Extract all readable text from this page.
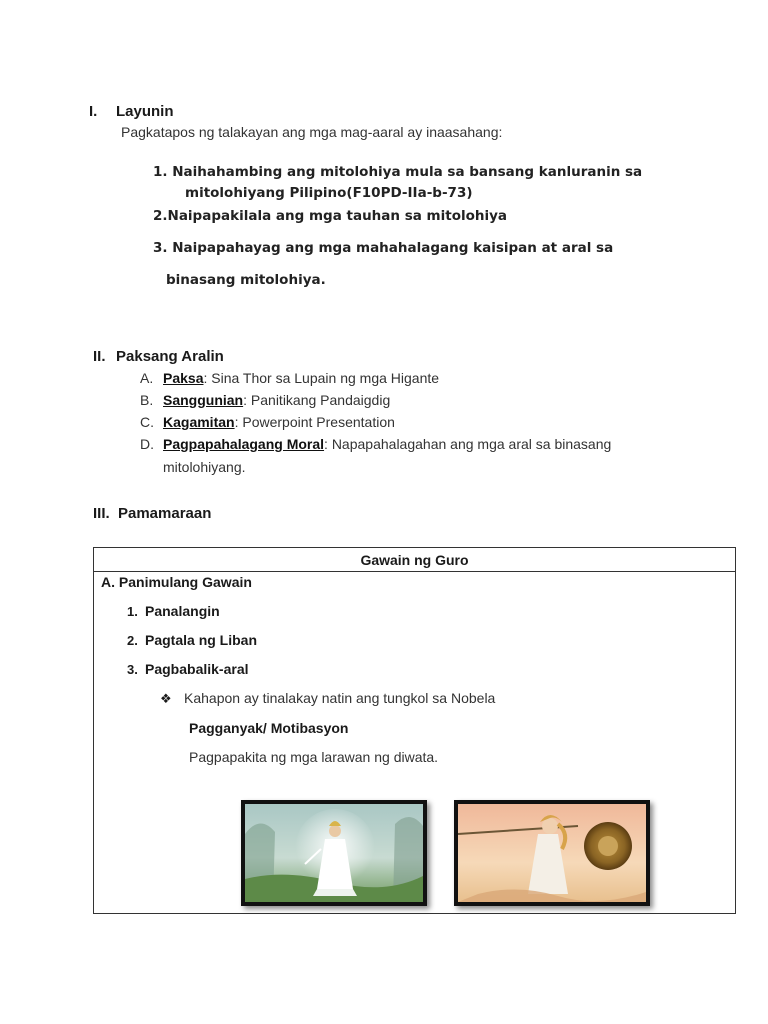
I. Layunin
Pagkatapos ng talakayan ang mga mag-aaral ay inaasahang:
1. Naihahambing ang mitolohiya mula sa bansang kanluranin sa
mitolohiyang Pilipino(F10PD-IIa-b-73)
2.Naipapakilala ang mga tauhan sa mitolohiya
3. Naipapahayag ang mga mahahalagang kaisipan at aral sa
binasang mitolohiya.
II. Paksang Aralin
A. Paksa: Sina Thor sa Lupain ng mga Higante
B. Sanggunian: Panitikang Pandaigdig
C. Kagamitan: Powerpoint Presentation
D. Pagpapahalagang Moral: Napapahalagahan ang mga aral sa binasang
mitolohiyang.
III. Pamamaraan
Gawain ng Guro
A. Panimulang Gawain
1. Panalangin
2. Pagtala ng Liban
3. Pagbabalik-aral
❖ Kahapon ay tinalakay natin ang tungkol sa Nobela
Pagganyak/ Motibasyon
Pagpapakita ng mga larawan ng diwata.
